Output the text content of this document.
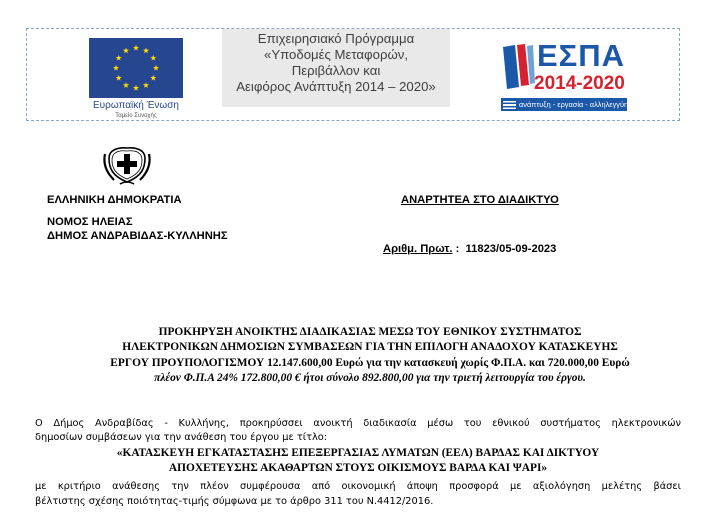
Ευρωπαϊκή Ένωση
Ταμείο Συνοχής
Επιχειρησιακό Πρόγραμμα
«Υποδομές Μεταφορών,
Περιβάλλον και
Αειφόρος Ανάπτυξη 2014 – 2020»
ΕΣΠΑ
2014-2020
ανάπτυξη - εργασία - αλληλεγγύη
ΕΛΛΗΝΙΚΗ ΔΗΜΟΚΡΑΤΙΑ
ΝΟΜΟΣ ΗΛΕΙΑΣ
ΔΗΜΟΣ ΑΝΔΡΑΒΙΔΑΣ-ΚΥΛΛΗΝΗΣ
ΑΝΑΡΤΗΤΕΑ ΣΤΟ ΔΙΑΔΙΚΤΥΟ
Αριθμ. Πρωτ. :  11823/05-09-2023
ΠΡΟΚΗΡΥΞΗ ΑΝΟΙΚΤΗΣ ΔΙΑΔΙΚΑΣΙΑΣ ΜΕΣΩ ΤΟΥ ΕΘΝΙΚΟΥ ΣΥΣΤΗΜΑΤΟΣ
ΗΛΕΚΤΡΟΝΙΚΩΝ ΔΗΜΟΣΙΩΝ ΣΥΜΒΑΣΕΩΝ ΓΙΑ ΤΗΝ ΕΠΙΛΟΓΗ ΑΝΑΔΟΧΟΥ ΚΑΤΑΣΚΕΥΗΣ
ΕΡΓΟΥ ΠΡΟΥΠΟΛΟΓΙΣΜΟΥ 12.147.600,00 Ευρώ για την κατασκευή χωρίς Φ.Π.Α. και 720.000,00 Ευρώ
πλέον Φ.Π.Α 24% 172.800,00 € ήτοι σύνολο 892.800,00 για την τριετή λειτουργία του έργου.
Ο Δήμος Ανδραβίδας - Κυλλήνης, προκηρύσσει ανοικτή διαδικασία μέσω του εθνικού συστήματος ηλεκτρονικών
δημοσίων συμβάσεων για την ανάθεση του έργου με τίτλο:
«ΚΑΤΑΣΚΕΥΗ ΕΓΚΑΤΑΣΤΑΣΗΣ ΕΠΕΞΕΡΓΑΣΙΑΣ ΛΥΜΑΤΩΝ (ΕΕΛ) ΒΑΡΔΑΣ ΚΑΙ ΔΙΚΤΥΟΥ
ΑΠΟΧΕΤΕΥΣΗΣ ΑΚΑΘΑΡΤΩΝ ΣΤΟΥΣ ΟΙΚΙΣΜΟΥΣ ΒΑΡΔΑ ΚΑΙ ΨΑΡΙ»
με κριτήριο ανάθεσης την πλέον συμφέρουσα από οικονομική άποψη προσφορά με αξιολόγηση μελέτης βάσει
βέλτιστης σχέσης ποιότητας-τιμής σύμφωνα με το άρθρο 311 του Ν.4412/2016.
